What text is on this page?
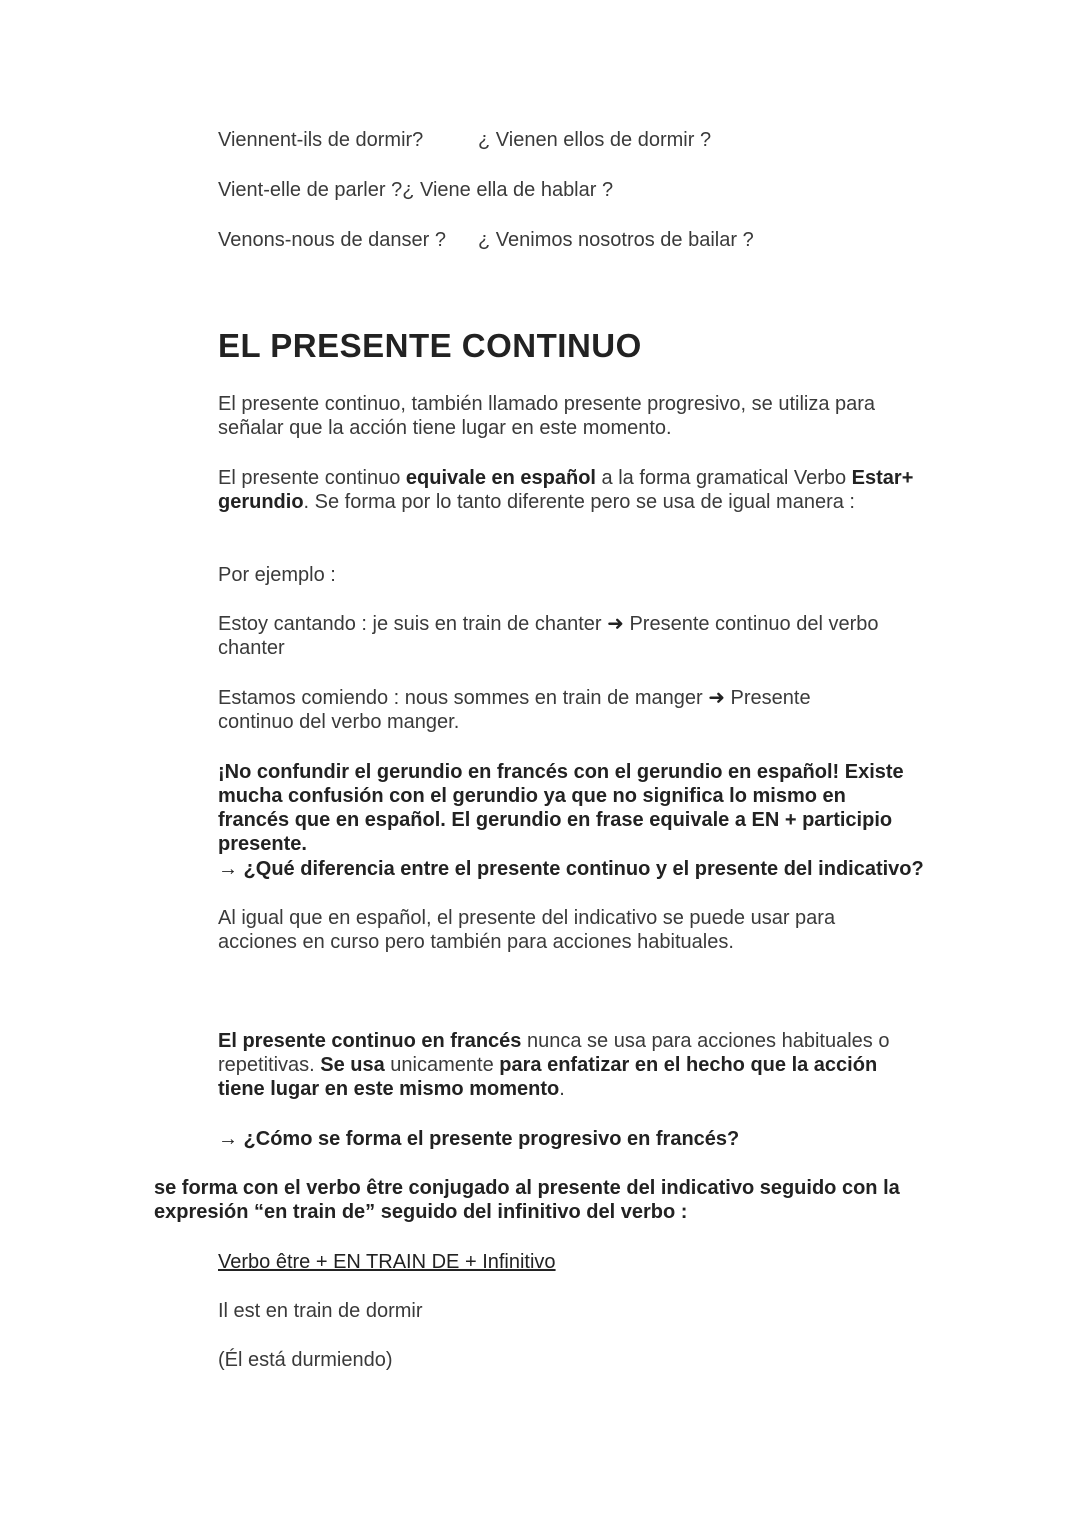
Viennent-ils de dormir?	¿ Vienen ellos de dormir ?
Vient-elle de parler ?¿ Viene ella de hablar ?
Venons-nous de danser ? ¿ Venimos nosotros de bailar ?
EL PRESENTE CONTINUO

El presente continuo, también llamado presente progresivo, se utiliza para señalar que la acción tiene lugar en este momento.

El presente continuo equivale en español a la forma gramatical Verbo Estar+ gerundio. Se forma por lo tanto diferente pero se usa de igual manera :

Por ejemplo :

Estoy cantando : je suis en train de chanter ➜ Presente continuo del verbo chanter

Estamos comiendo : nous sommes en train de manger ➜ Presente continuo del verbo manger.

¡No confundir el gerundio en francés con el gerundio en español! Existe mucha confusión con el gerundio ya que no significa lo mismo en francés que en español. El gerundio en frase equivale a EN + participio presente.

→ ¿Qué diferencia entre el presente continuo y el presente del indicativo?

Al igual que en español, el presente del indicativo se puede usar para acciones en curso pero también para acciones habituales.

El presente continuo en francés nunca se usa para acciones habituales o repetitivas. Se usa unicamente para enfatizar en el hecho que la acción tiene lugar en este mismo momento.

→ ¿Cómo se forma el presente progresivo en francés?

se forma con el verbo être conjugado al presente del indicativo seguido con la expresión “en train de” seguido del infinitivo del verbo :

Verbo être + EN TRAIN DE + Infinitivo

Il est en train de dormir

(Él está durmiendo)
